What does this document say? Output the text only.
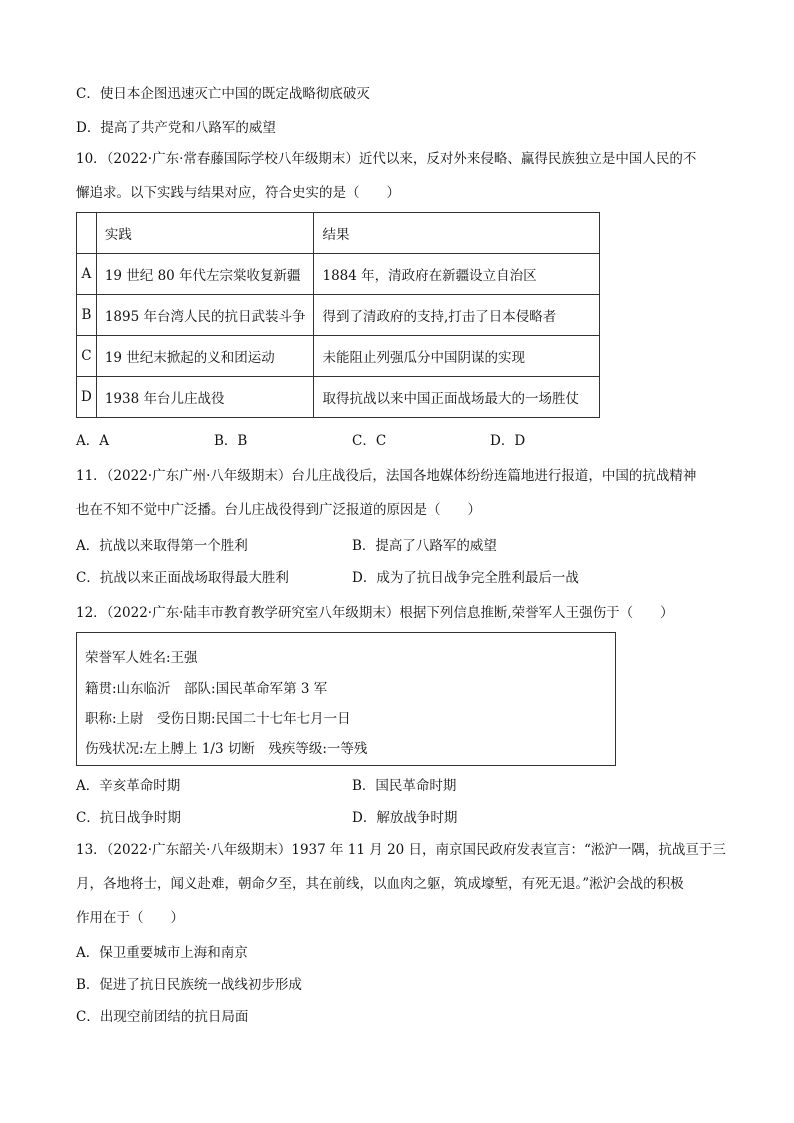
C．使日本企图迅速灭亡中国的既定战略彻底破灭
D．提高了共产党和八路军的威望
10．（2022·广东·常春藤国际学校八年级期末）近代以来，反对外来侵略、赢得民族独立是中国人民的不
懈追求。以下实践与结果对应，符合史实的是（　　）
	实践	结果
A	19 世纪 80 年代左宗棠收复新疆	1884 年，清政府在新疆设立自治区
B	1895 年台湾人民的抗日武装斗争	得到了清政府的支持,打击了日本侵略者
C	19 世纪末掀起的义和团运动	未能阻止列强瓜分中国阴谋的实现
D	1938 年台儿庄战役	取得抗战以来中国正面战场最大的一场胜仗
A．A	B．B	C．C	D．D
11．（2022·广东广州·八年级期末）台儿庄战役后，法国各地媒体纷纷连篇地进行报道，中国的抗战精神
也在不知不觉中广泛播。台儿庄战役得到广泛报道的原因是（　　）
A．抗战以来取得第一个胜利	B．提高了八路军的威望
C．抗战以来正面战场取得最大胜利	D．成为了抗日战争完全胜利最后一战
12．（2022·广东·陆丰市教育教学研究室八年级期末）根据下列信息推断,荣誉军人王强伤于（　　）
荣誉军人姓名:王强
籍贯:山东临沂　部队:国民革命军第 3 军
职称:上尉　受伤日期:民国二十七年七月一日
伤残状况:左上膊上 1/3 切断　残疾等级:一等残
A．辛亥革命时期	B．国民革命时期
C．抗日战争时期	D．解放战争时期
13．（2022·广东韶关·八年级期末）1937 年 11 月 20 日，南京国民政府发表宣言：“淞沪一隅，抗战亘于三
月，各地将士，闻义赴难，朝命夕至，其在前线，以血肉之躯，筑成壕堑，有死无退。”淞沪会战的积极
作用在于（　　）
A．保卫重要城市上海和南京
B．促进了抗日民族统一战线初步形成
C．出现空前团结的抗日局面
